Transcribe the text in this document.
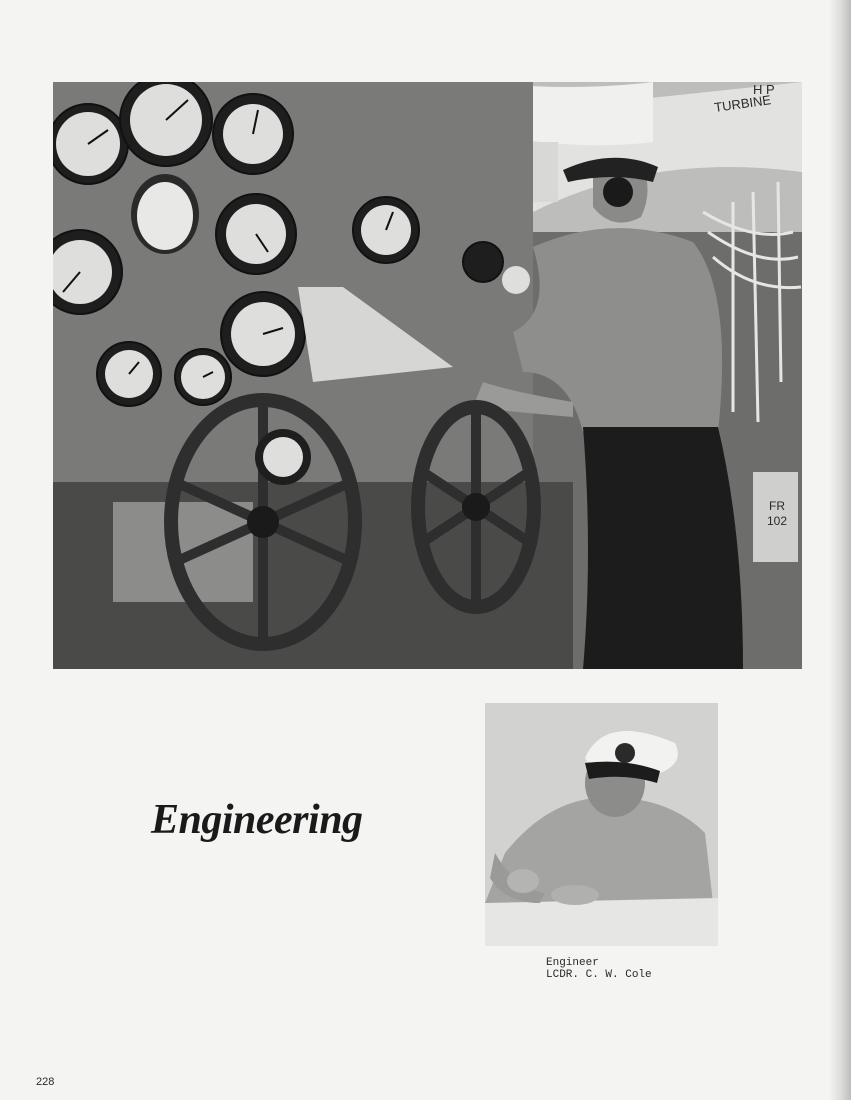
H P
TURBINE
FR
102
Engineering
Engineer
LCDR. C. W. Cole
228
